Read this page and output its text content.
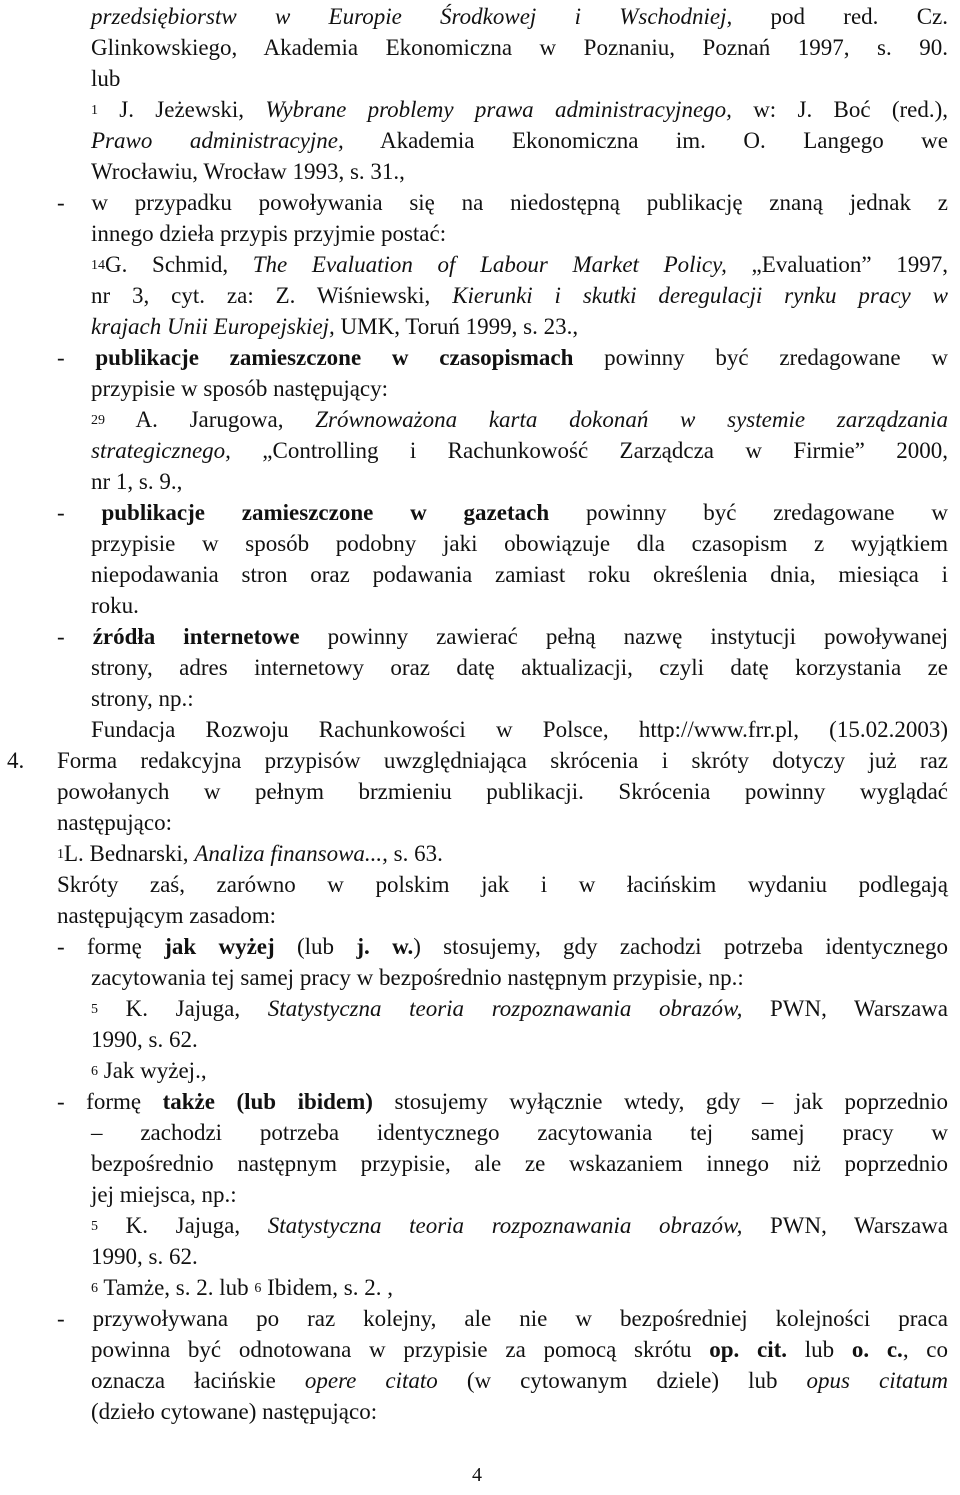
przedsiębiorstw w Europie Środkowej i Wschodniej, pod red. Cz.
Glinkowskiego, Akademia Ekonomiczna w Poznaniu, Poznań 1997, s. 90.
lub
$^1$ J. Jeżewski, Wybrane problemy prawa administracyjnego, w: J. Boć (red.),
Prawo administracyjne, Akademia Ekonomiczna im. O. Langego we
Wrocławiu, Wrocław 1993, s. 31.,
- w przypadku powoływania się na niedostępną publikację znaną jednak z
innego dzieła przypis przyjmie postać:
$^{14}$G. Schmid, The Evaluation of Labour Market Policy, „Evaluation” 1997,
nr 3, cyt. za: Z. Wiśniewski, Kierunki i skutki deregulacji rynku pracy w
krajach Unii Europejskiej, UMK, Toruń 1999, s. 23.,
- publikacje zamieszczone w czasopismach powinny być zredagowane w
przypisie w sposób następujący:
$^{29}$ A. Jarugowa, Zrównoważona karta dokonań w systemie zarządzania
strategicznego, „Controlling i Rachunkowość Zarządcza w Firmie” 2000,
nr 1, s. 9.,
- publikacje zamieszczone w gazetach powinny być zredagowane w
przypisie w sposób podobny jaki obowiązuje dla czasopism z wyjątkiem
niepodawania stron oraz podawania zamiast roku określenia dnia, miesiąca i
roku.
- źródła internetowe powinny zawierać pełną nazwę instytucji powoływanej
strony, adres internetowy oraz datę aktualizacji, czyli datę korzystania ze
strony, np.:
Fundacja Rozwoju Rachunkowości w Polsce, http://www.frr.pl, (15.02.2003)
4. Forma redakcyjna przypisów uwzględniająca skrócenia i skróty dotyczy już raz
powołanych w pełnym brzmieniu publikacji. Skrócenia powinny wyglądać
następująco:
$^1$L. Bednarski, Analiza finansowa..., s. 63.
Skróty zaś, zarówno w polskim jak i w łacińskim wydaniu podlegają
następującym zasadom:
- formę jak wyżej (lub j. w.) stosujemy, gdy zachodzi potrzeba identycznego
zacytowania tej samej pracy w bezpośrednio następnym przypisie, np.:
$^5$ K. Jajuga, Statystyczna teoria rozpoznawania obrazów, PWN, Warszawa
1990, s. 62.
$^6$ Jak wyżej.,
- formę także (lub ibidem) stosujemy wyłącznie wtedy, gdy – jak poprzednio
– zachodzi potrzeba identycznego zacytowania tej samej pracy w
bezpośrednio następnym przypisie, ale ze wskazaniem innego niż poprzednio
jej miejsca, np.:
$^5$ K. Jajuga, Statystyczna teoria rozpoznawania obrazów, PWN, Warszawa
1990, s. 62.
$^6$ Tamże, s. 2. lub $^6$ Ibidem, s. 2. ,
- przywoływana po raz kolejny, ale nie w bezpośredniej kolejności praca
powinna być odnotowana w przypisie za pomocą skrótu op. cit. lub o. c., co
oznacza łacińskie opere citato (w cytowanym dziele) lub opus citatum
(dzieło cytowane) następująco:
4
